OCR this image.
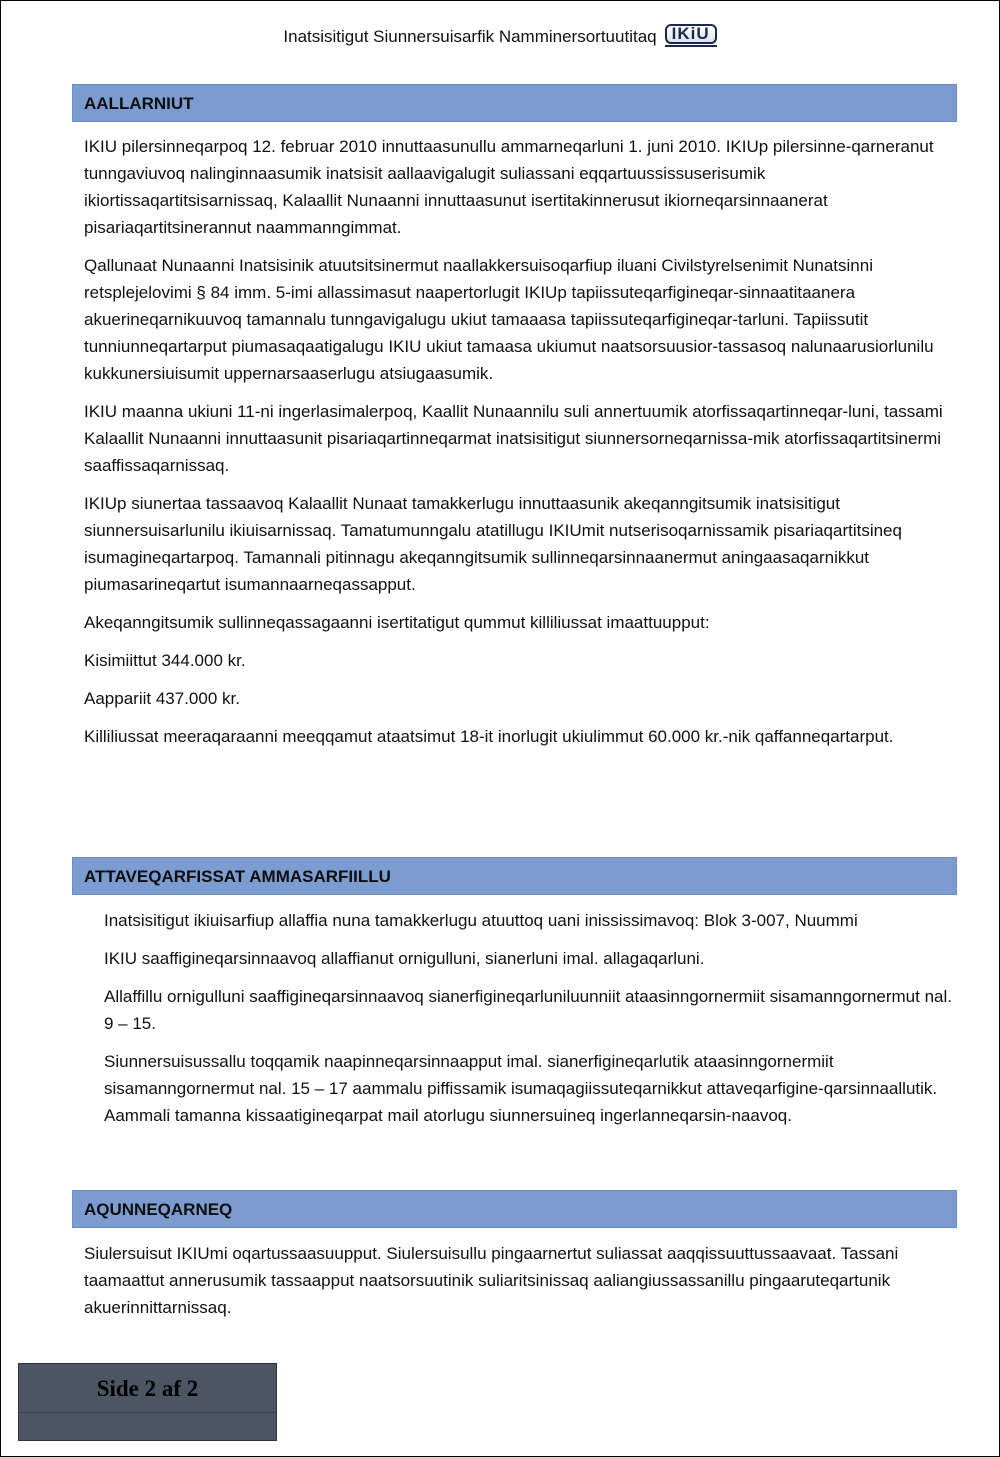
Inatsisitigut Siunnersuisarfik Namminersortuutitaq IKiU
AALLARNIUT

IKIU pilersinneqarpoq 12. februar 2010 innuttaasunullu ammarneqarluni 1. juni 2010. IKIUp pilersinne-qarneranut tunngaviuvoq nalinginnaasumik inatsisit aallaavigalugit suliassani eqqartuussissuserisumik ikiortissaqartitsisarnissaq, Kalaallit Nunaanni innuttaasunut isertitakinnerusut ikiorneqarsinnaanerat pisariaqartitsinerannut naammanngimmat.

Qallunaat Nunaanni Inatsisinik atuutsitsinermut naallakkersuisoqarfiup iluani Civilstyrelsenimit Nunatsinni retsplejelovimi § 84 imm. 5-imi allassimasut naapertorlugit IKIUp tapiissuteqarfigineqar-sinnaatitaanera akuerineqarnikuuvoq tamannalu tunngavigalugu ukiut tamaaasa tapiissuteqarfigineqar-tarluni. Tapiissutit tunniunneqartarput piumasaqaatigalugu IKIU ukiut tamaasa ukiumut naatsorsuusior-tassasoq nalunaarusiorlunilu kukkunersiuisumit uppernarsaaserlugu atsiugaasumik.

IKIU maanna ukiuni 11-ni ingerlasimalerpoq, Kaallit Nunaannilu suli annertuumik atorfissaqartinneqar-luni, tassami Kalaallit Nunaanni innuttaasunit pisariaqartinneqarmat inatsisitigut siunnersorneqarnissa-mik atorfissaqartitsinermi saaffissaqarnissaq.

IKIUp siunertaa tassaavoq Kalaallit Nunaat tamakkerlugu innuttaasunik akeqanngitsumik inatsisitigut siunnersuisarlunilu ikiuisarnissaq. Tamatumunngalu atatillugu IKIUmit nutserisoqarnissamik pisariaqartitsineq isumagineqartarpoq. Tamannali pitinnagu akeqanngitsumik sullinneqarsinnaanermut aningaasaqarnikkut piumasarineqartut isumannaarneqassapput.

Akeqanngitsumik sullinneqassagaanni isertitatigut qummut killiliussat imaattuupput:

Kisimiittut 344.000 kr.

Aappariit 437.000 kr.

Killiliussat meeraqaraanni meeqqamut ataatsimut 18-it inorlugit ukiulimmut 60.000 kr.-nik qaffanneqartarput.

ATTAVEQARFISSAT AMMASARFIILLU

Inatsisitigut ikiuisarfiup allaffia nuna tamakkerlugu atuuttoq uani inississimavoq: Blok 3-007, Nuummi

IKIU saaffigineqarsinnaavoq allaffianut ornigulluni, sianerluni imal. allagaqarluni.

Allaffillu ornigulluni saaffigineqarsinnaavoq sianerfigineqarluniluunniit ataasinngornermiit sisamanngornermut nal. 9 – 15.

Siunnersuisussallu toqqamik naapinneqarsinnaapput imal. sianerfigineqarlutik ataasinngornermiit sisamanngornermut nal. 15 – 17 aammalu piffissamik isumaqagiissuteqarnikkut attaveqarfigine-qarsinnaallutik. Aammali tamanna kissaatigineqarpat mail atorlugu siunnersuineq ingerlanneqarsin-naavoq.

AQUNNEQARNEQ

Siulersuisut IKIUmi oqartussaasuupput. Siulersuisullu pingaarnertut suliassat aaqqissuuttussaavaat. Tassani taamaattut annerusumik tassaapput naatsorsuutinik suliaritsinissaq aaliangiussassanillu pingaaruteqartunik akuerinnittarnissaq.

Side 2 af 2
